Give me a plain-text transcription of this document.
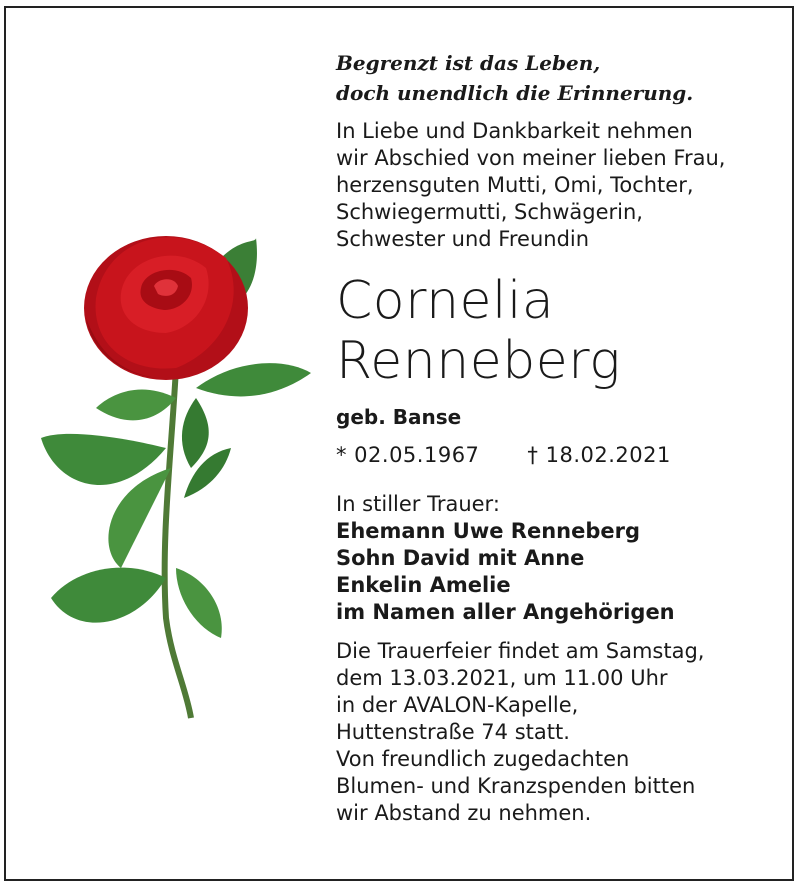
Begrenzt ist das Leben,
doch unendlich die Erinnerung.

In Liebe und Dankbarkeit nehmen
wir Abschied von meiner lieben Frau,
herzensguten Mutti, Omi, Tochter,
Schwiegermutti, Schwägerin,
Schwester und Freundin

Cornelia
Renneberg

geb. Banse

* 02.05.1967 † 18.02.2021
In stiller Trauer:

Ehemann Uwe Renneberg
Sohn David mit Anne
Enkelin Amelie
im Namen aller Angehörigen

Die Trauerfeier findet am Samstag,
dem 13.03.2021, um 11.00 Uhr
in der AVALON-Kapelle,
Huttenstraße 74 statt.
Von freundlich zugedachten
Blumen- und Kranzspenden bitten
wir Abstand zu nehmen.
